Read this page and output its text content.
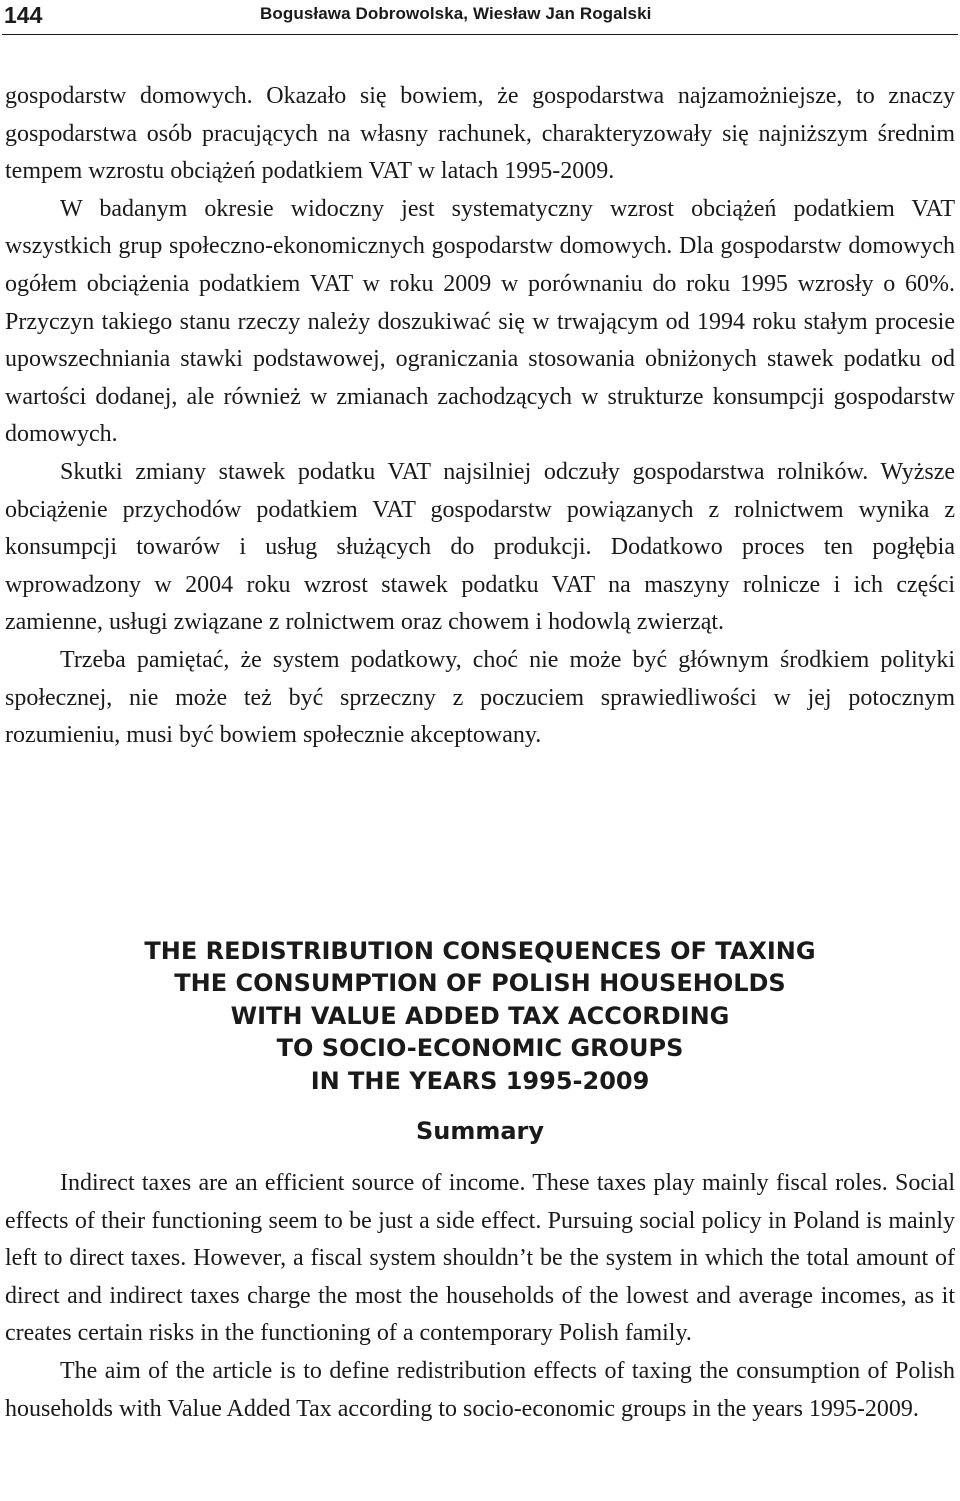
144	Bogusława Dobrowolska, Wiesław Jan Rogalski

gospodarstw domowych. Okazało się bowiem, że gospodarstwa najzamożniejsze, to znaczy gospodarstwa osób pracujących na własny rachunek, charakteryzowały się najniższym średnim tempem wzrostu obciążeń podatkiem VAT w latach 1995-2009.

W badanym okresie widoczny jest systematyczny wzrost obciążeń podatkiem VAT wszystkich grup społeczno-ekonomicznych gospodarstw domowych. Dla gospodarstw domowych ogółem obciążenia podatkiem VAT w roku 2009 w porównaniu do roku 1995 wzrosły o 60%. Przyczyn takiego stanu rzeczy należy doszukiwać się w trwającym od 1994 roku stałym procesie upowszechniania stawki podstawowej, ograniczania stosowania obniżonych stawek podatku od wartości dodanej, ale również w zmianach zachodzących w strukturze konsumpcji gospodarstw domowych.

Skutki zmiany stawek podatku VAT najsilniej odczuły gospodarstwa rolników. Wyższe obciążenie przychodów podatkiem VAT gospodarstw powiązanych z rolnictwem wynika z konsumpcji towarów i usług służących do produkcji. Dodatkowo proces ten pogłębia wprowadzony w 2004 roku wzrost stawek podatku VAT na maszyny rolnicze i ich części zamienne, usługi związane z rolnictwem oraz chowem i hodowlą zwierząt.

Trzeba pamiętać, że system podatkowy, choć nie może być głównym środkiem polityki społecznej, nie może też być sprzeczny z poczuciem sprawiedliwości w jej potocznym rozumieniu, musi być bowiem społecznie akceptowany.

THE REDISTRIBUTION CONSEQUENCES OF TAXING
THE CONSUMPTION OF POLISH HOUSEHOLDS
WITH VALUE ADDED TAX ACCORDING
TO SOCIO-ECONOMIC GROUPS
IN THE YEARS 1995-2009
Summary

Indirect taxes are an efficient source of income. These taxes play mainly fiscal roles. Social effects of their functioning seem to be just a side effect. Pursuing social policy in Poland is mainly left to direct taxes. However, a fiscal system shouldn’t be the system in which the total amount of direct and indirect taxes charge the most the households of the lowest and average incomes, as it creates certain risks in the functioning of a contemporary Polish family.

The aim of the article is to define redistribution effects of taxing the consumption of Polish households with Value Added Tax according to socio-economic groups in the years 1995-2009.
